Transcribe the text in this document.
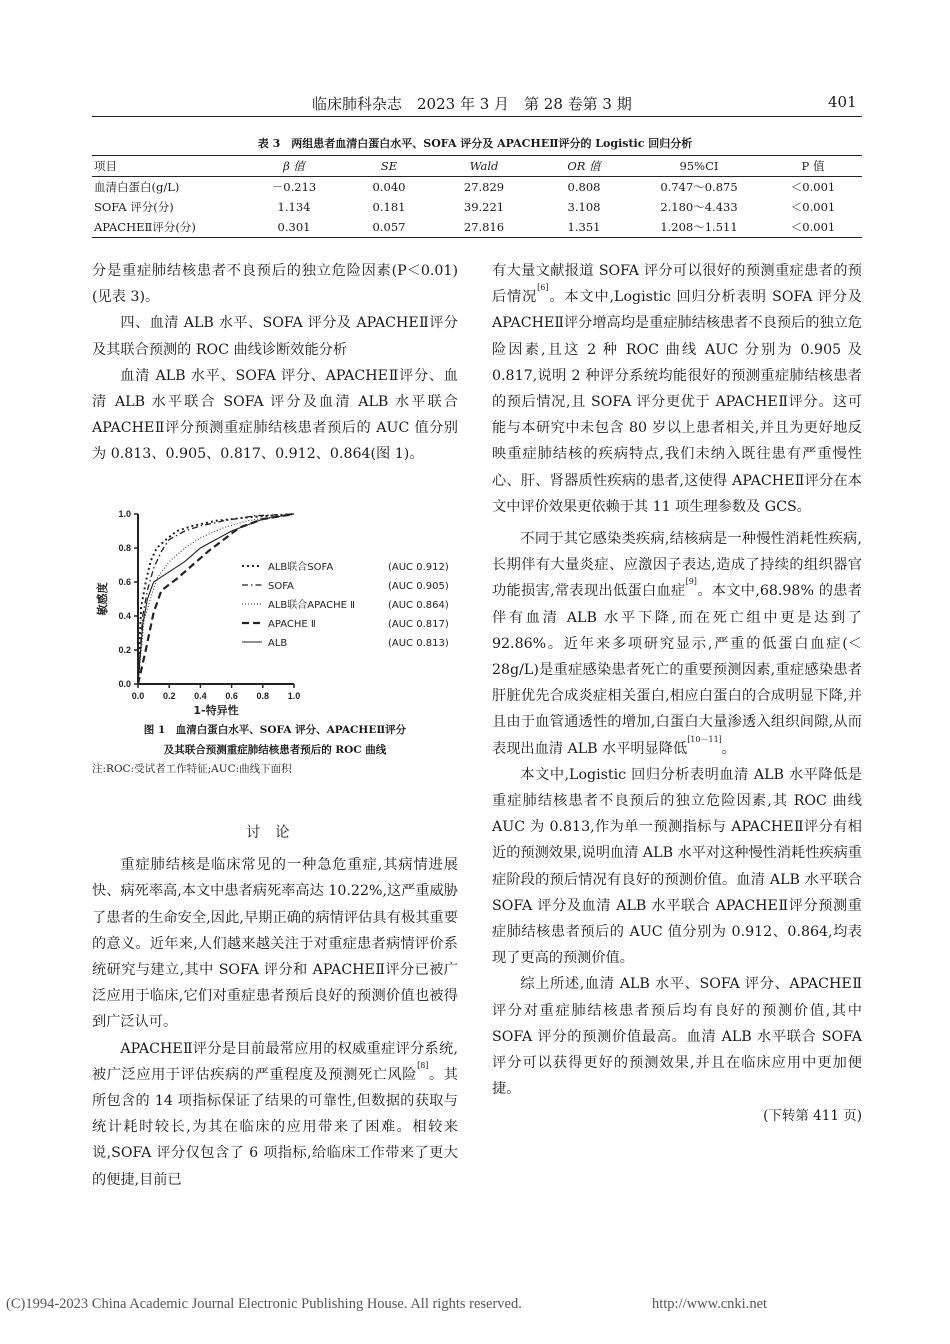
临床肺科杂志　2023 年 3 月　第 28 卷第 3 期	401
表 3　两组患者血清白蛋白水平、SOFA 评分及 APACHEⅡ评分的 Logistic 回归分析
项目	β 值	SE	Wald	OR 值	95%CI	P 值
血清白蛋白(g/L)	－0.213	0.040	27.829	0.808	0.747～0.875	＜0.001
SOFA 评分(分)	1.134	0.181	39.221	3.108	2.180～4.433	＜0.001
APACHEⅡ评分(分)	0.301	0.057	27.816	1.351	1.208～1.511	＜0.001

分是重症肺结核患者不良预后的独立危险因素(P＜0.01)(见表 3)。

四、血清 ALB 水平、SOFA 评分及 APACHEⅡ评分及其联合预测的 ROC 曲线诊断效能分析

血清 ALB 水平、SOFA 评分、APACHEⅡ评分、血清 ALB 水平联合 SOFA 评分及血清 ALB 水平联合 APACHEⅡ评分预测重症肺结核患者预后的 AUC 值分别为 0.813、0.905、0.817、0.912、0.864(图 1)。

0.0 0.2 0.4 0.6 0.8 1.0
0.0
0.2
0.4
0.6
0.8
1.0
1-特异性
敏感度
ALB联合SOFA	(AUC 0.912)
SOFA	(AUC 0.905)
ALB联合APACHE Ⅱ	(AUC 0.864)
APACHE Ⅱ	(AUC 0.817)
ALB	(AUC 0.813)
图 1　血清白蛋白水平、SOFA 评分、APACHEⅡ评分
及其联合预测重症肺结核患者预后的 ROC 曲线
注:ROC:受试者工作特征;AUC:曲线下面积

讨论

重症肺结核是临床常见的一种急危重症,其病情进展快、病死率高,本文中患者病死率高达 10.22%,这严重威胁了患者的生命安全,因此,早期正确的病情评估具有极其重要的意义。近年来,人们越来越关注于对重症患者病情评价系统研究与建立,其中 SOFA 评分和 APACHEⅡ评分已被广泛应用于临床,它们对重症患者预后良好的预测价值也被得到广泛认可。

APACHEⅡ评分是目前最常应用的权威重症评分系统,被广泛应用于评估疾病的严重程度及预测死亡风险[8]。其所包含的 14 项指标保证了结果的可靠性,但数据的获取与统计耗时较长,为其在临床的应用带来了困难。相较来说,SOFA 评分仅包含了 6 项指标,给临床工作带来了更大的便捷,目前已

有大量文献报道 SOFA 评分可以很好的预测重症患者的预后情况[6]。本文中,Logistic 回归分析表明 SOFA 评分及 APACHEⅡ评分增高均是重症肺结核患者不良预后的独立危险因素,且这 2 种 ROC 曲线 AUC 分别为 0.905 及 0.817,说明 2 种评分系统均能很好的预测重症肺结核患者的预后情况,且 SOFA 评分更优于 APACHEⅡ评分。这可能与本研究中未包含 80 岁以上患者相关,并且为更好地反映重症肺结核的疾病特点,我们未纳入既往患有严重慢性心、肝、肾器质性疾病的患者,这使得 APACHEⅡ评分在本文中评价效果更依赖于其 11 项生理参数及 GCS。

不同于其它感染类疾病,结核病是一种慢性消耗性疾病,长期伴有大量炎症、应激因子表达,造成了持续的组织器官功能损害,常表现出低蛋白血症[9]。本文中,68.98% 的患者伴有血清 ALB 水平下降,而在死亡组中更是达到了 92.86%。近年来多项研究显示,严重的低蛋白血症(＜28g/L)是重症感染患者死亡的重要预测因素,重症感染患者肝脏优先合成炎症相关蛋白,相应白蛋白的合成明显下降,并且由于血管通透性的增加,白蛋白大量渗透入组织间隙,从而表现出血清 ALB 水平明显降低[10－11]。

本文中,Logistic 回归分析表明血清 ALB 水平降低是重症肺结核患者不良预后的独立危险因素,其 ROC 曲线 AUC 为 0.813,作为单一预测指标与 APACHEⅡ评分有相近的预测效果,说明血清 ALB 水平对这种慢性消耗性疾病重症阶段的预后情况有良好的预测价值。血清 ALB 水平联合 SOFA 评分及血清 ALB 水平联合 APACHEⅡ评分预测重症肺结核患者预后的 AUC 值分别为 0.912、0.864,均表现了更高的预测价值。

综上所述,血清 ALB 水平、SOFA 评分、APACHEⅡ评分对重症肺结核患者预后均有良好的预测价值,其中 SOFA 评分的预测价值最高。血清 ALB 水平联合 SOFA 评分可以获得更好的预测效果,并且在临床应用中更加便捷。

(下转第 411 页)

(C)1994-2023 China Academic Journal Electronic Publishing House. All rights reserved.	http://www.cnki.net
